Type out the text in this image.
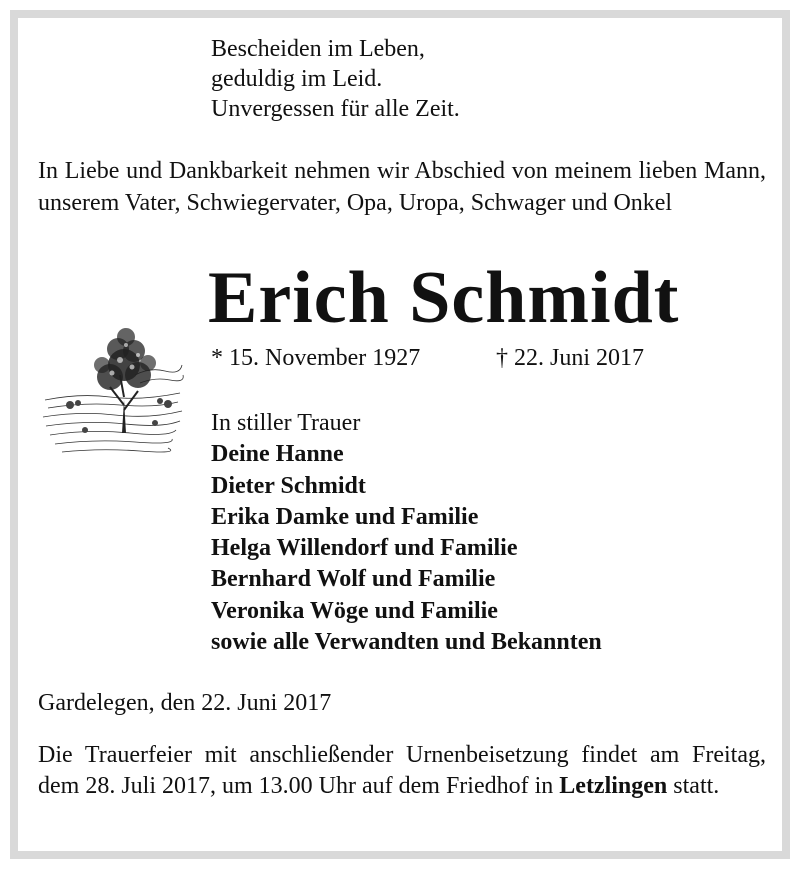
Bescheiden im Leben,
geduldig im Leid.
Unvergessen für alle Zeit.
In Liebe und Dankbarkeit nehmen wir Abschied von meinem lieben Mann, unserem Vater, Schwiegervater, Opa, Uropa, Schwager und Onkel
Erich Schmidt
* 15. November 1927	† 22. Juni 2017
In stiller Trauer
Deine Hanne
Dieter Schmidt
Erika Damke und Familie
Helga Willendorf und Familie
Bernhard Wolf und Familie
Veronika Wöge und Familie
sowie alle Verwandten und Bekannten
Gardelegen, den 22. Juni 2017
Die Trauerfeier mit anschließender Urnenbeisetzung findet am Freitag, dem 28. Juli 2017, um 13.00 Uhr auf dem Friedhof in Letzlingen statt.
